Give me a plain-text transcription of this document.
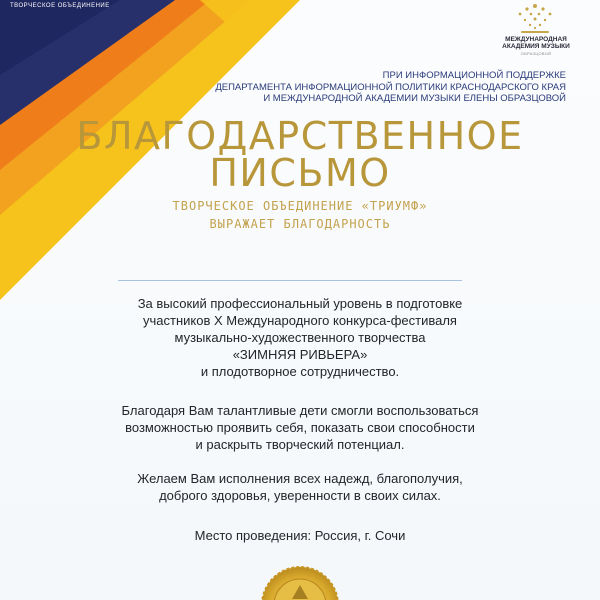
ТВОРЧЕСКОЕ ОБЪЕДИНЕНИЕ
МЕЖДУНАРОДНАЯ
АКАДЕМИЯ МУЗЫКИ
ОБРАЗЦОВОЙ
ПРИ ИНФОРМАЦИОННОЙ ПОДДЕРЖКЕ
ДЕПАРТАМЕНТА ИНФОРМАЦИОННОЙ ПОЛИТИКИ КРАСНОДАРСКОГО КРАЯ
И МЕЖДУНАРОДНОЙ АКАДЕМИИ МУЗЫКИ ЕЛЕНЫ ОБРАЗЦОВОЙ
БЛАГОДАРСТВЕННОЕ
ПИСЬМО
ТВОРЧЕСКОЕ ОБЪЕДИНЕНИЕ «ТРИУМФ»
ВЫРАЖАЕТ БЛАГОДАРНОСТЬ
За высокий профессиональный уровень в подготовке
участников X Международного конкурса-фестиваля
музыкально-художественного творчества
«ЗИМНЯЯ РИВЬЕРА»
и плодотворное сотрудничество.
Благодаря Вам талантливые дети смогли воспользоваться
возможностью проявить себя, показать свои способности
и раскрыть творческий потенциал.
Желаем Вам исполнения всех надежд, благополучия,
доброго здоровья, уверенности в своих силах.
Место проведения: Россия, г. Сочи
